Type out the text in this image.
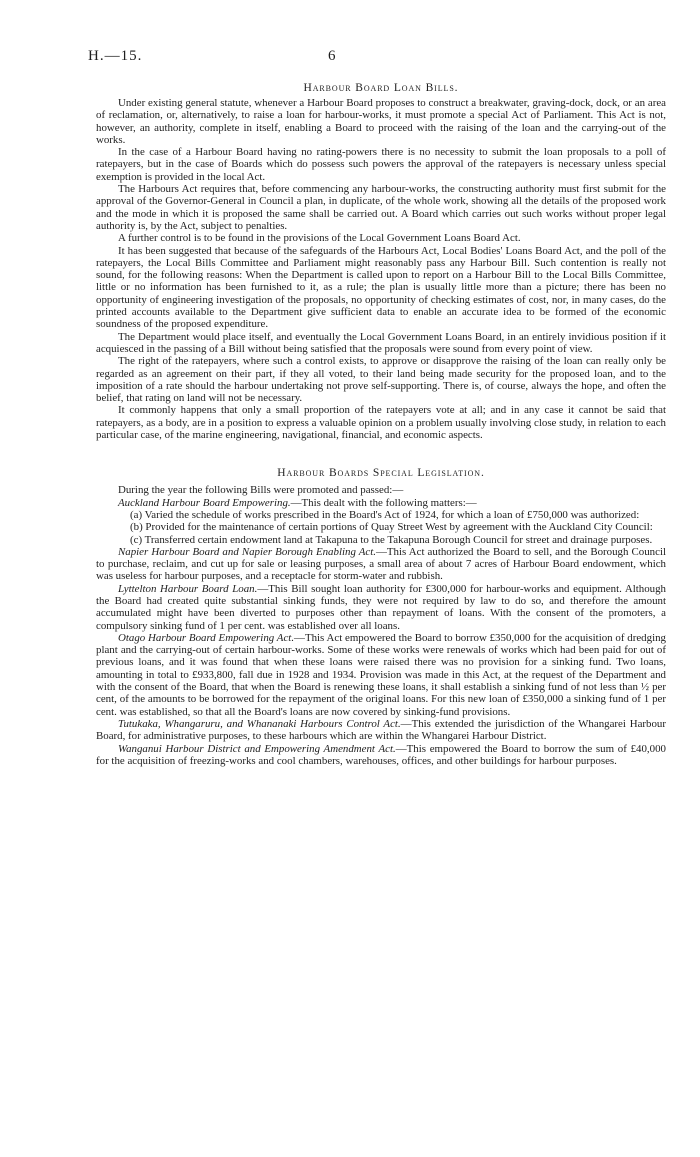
H.—15.	6
Harbour Board Loan Bills.

Under existing general statute, whenever a Harbour Board proposes to construct a breakwater, graving-dock, dock, or an area of reclamation, or, alternatively, to raise a loan for harbour-works, it must promote a special Act of Parliament. This Act is not, however, an authority, complete in itself, enabling a Board to proceed with the raising of the loan and the carrying-out of the works.

In the case of a Harbour Board having no rating-powers there is no necessity to submit the loan proposals to a poll of ratepayers, but in the case of Boards which do possess such powers the approval of the ratepayers is necessary unless special exemption is provided in the local Act.

The Harbours Act requires that, before commencing any harbour-works, the constructing authority must first submit for the approval of the Governor-General in Council a plan, in duplicate, of the whole work, showing all the details of the proposed work and the mode in which it is proposed the same shall be carried out. A Board which carries out such works without proper legal authority is, by the Act, subject to penalties.

A further control is to be found in the provisions of the Local Government Loans Board Act.

It has been suggested that because of the safeguards of the Harbours Act, Local Bodies' Loans Board Act, and the poll of the ratepayers, the Local Bills Committee and Parliament might reasonably pass any Harbour Bill. Such contention is really not sound, for the following reasons: When the Department is called upon to report on a Harbour Bill to the Local Bills Committee, little or no information has been furnished to it, as a rule; the plan is usually little more than a picture; there has been no opportunity of engineering investigation of the proposals, no opportunity of checking estimates of cost, nor, in many cases, do the printed accounts available to the Department give sufficient data to enable an accurate idea to be formed of the economic soundness of the proposed expenditure.

The Department would place itself, and eventually the Local Government Loans Board, in an entirely invidious position if it acquiesced in the passing of a Bill without being satisfied that the proposals were sound from every point of view.

The right of the ratepayers, where such a control exists, to approve or disapprove the raising of the loan can really only be regarded as an agreement on their part, if they all voted, to their land being made security for the proposed loan, and to the imposition of a rate should the harbour undertaking not prove self-supporting. There is, of course, always the hope, and often the belief, that rating on land will not be necessary.

It commonly happens that only a small proportion of the ratepayers vote at all; and in any case it cannot be said that ratepayers, as a body, are in a position to express a valuable opinion on a problem usually involving close study, in relation to each particular case, of the marine engineering, navigational, financial, and economic aspects.

Harbour Boards Special Legislation.

During the year the following Bills were promoted and passed:—

Auckland Harbour Board Empowering.—This dealt with the following matters:—

(a) Varied the schedule of works prescribed in the Board's Act of 1924, for which a loan of £750,000 was authorized:

(b) Provided for the maintenance of certain portions of Quay Street West by agreement with the Auckland City Council:

(c) Transferred certain endowment land at Takapuna to the Takapuna Borough Council for street and drainage purposes.

Napier Harbour Board and Napier Borough Enabling Act.—This Act authorized the Board to sell, and the Borough Council to purchase, reclaim, and cut up for sale or leasing purposes, a small area of about 7 acres of Harbour Board endowment, which was useless for harbour purposes, and a receptacle for storm-water and rubbish.

Lyttelton Harbour Board Loan.—This Bill sought loan authority for £300,000 for harbour-works and equipment. Although the Board had created quite substantial sinking funds, they were not required by law to do so, and therefore the amount accumulated might have been diverted to purposes other than repayment of loans. With the consent of the promoters, a compulsory sinking fund of 1 per cent. was established over all loans.

Otago Harbour Board Empowering Act.—This Act empowered the Board to borrow £350,000 for the acquisition of dredging plant and the carrying-out of certain harbour-works. Some of these works were renewals of works which had been paid for out of previous loans, and it was found that when these loans were raised there was no provision for a sinking fund. Two loans, amounting in total to £933,800, fall due in 1928 and 1934. Provision was made in this Act, at the request of the Department and with the consent of the Board, that when the Board is renewing these loans, it shall establish a sinking fund of not less than ½ per cent, of the amounts to be borrowed for the repayment of the original loans. For this new loan of £350,000 a sinking fund of 1 per cent. was established, so that all the Board's loans are now covered by sinking-fund provisions.

Tutukaka, Whangaruru, and Whananaki Harbours Control Act.—This extended the jurisdiction of the Whangarei Harbour Board, for administrative purposes, to these harbours which are within the Whangarei Harbour District.

Wanganui Harbour District and Empowering Amendment Act.—This empowered the Board to borrow the sum of £40,000 for the acquisition of freezing-works and cool chambers, warehouses, offices, and other buildings for harbour purposes.
